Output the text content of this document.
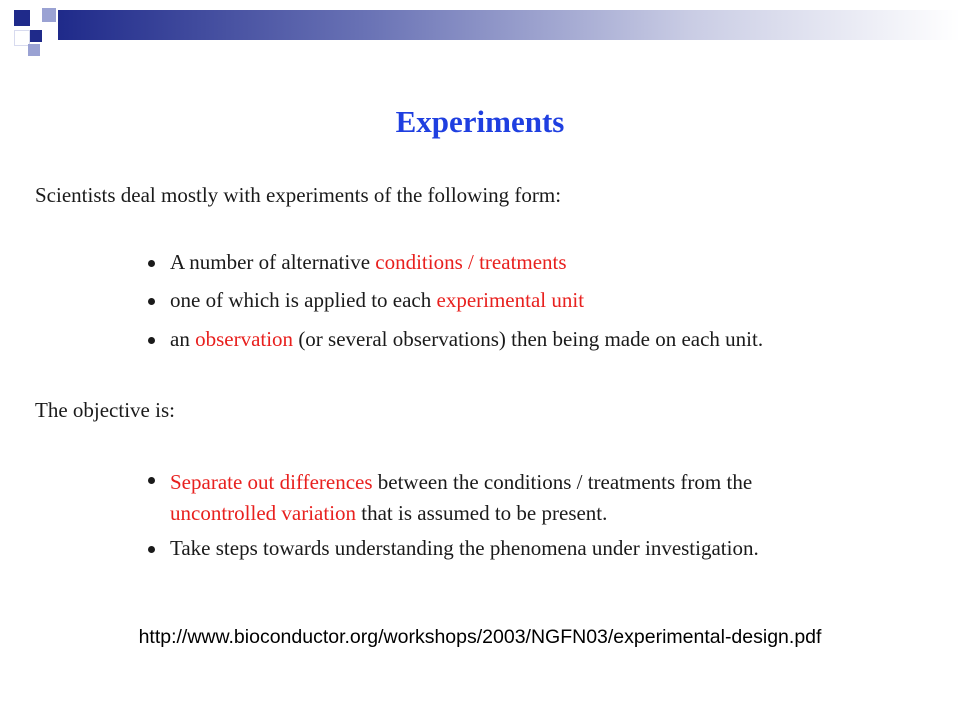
Experiments
Scientists deal mostly with experiments of the following form:
A number of alternative conditions / treatments
one of which is applied to each experimental unit
an observation (or several observations) then being made on each unit.
The objective is:
Separate out differences between the conditions / treatments from the
uncontrolled variation that is assumed to be present.
Take steps towards understanding the phenomena under investigation.
http://www.bioconductor.org/workshops/2003/NGFN03/experimental-design.pdf
